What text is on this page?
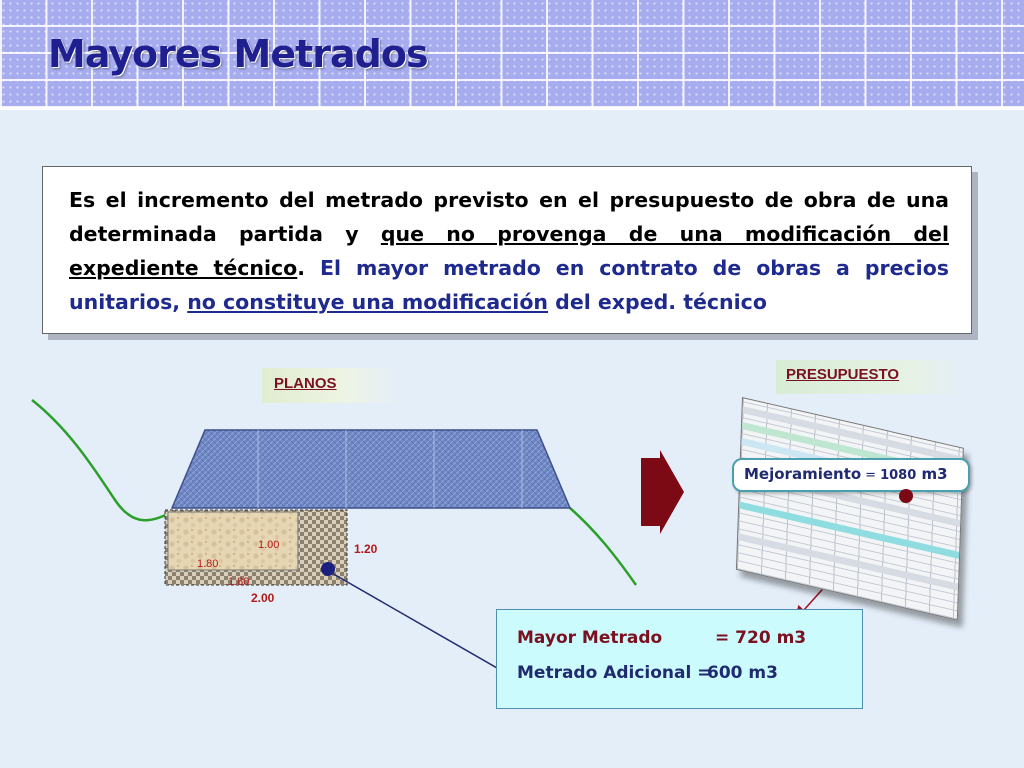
Mayores Metrados
Es el incremento del metrado previsto en el presupuesto de obra de una determinada partida y que no provenga de una modificación del expediente técnico. El mayor metrado en contrato de obras a precios unitarios, no constituye una modificación del exped. técnico
PLANOS
PRESUPUESTO
1.00
1.80
1.80
1.20
2.00
Mejoramiento = 1080 m3
Mayor Metrado	= 720 m3
Metrado Adicional =
600 m3
